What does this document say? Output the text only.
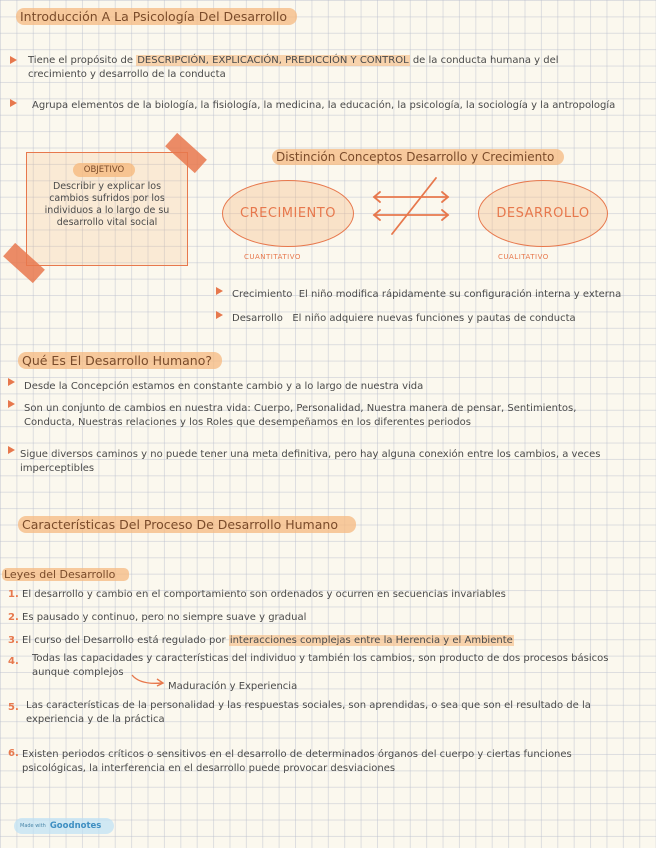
Introducción A La Psicología Del Desarrollo
Tiene el propósito de DESCRIPCIÓN, EXPLICACIÓN, PREDICCIÓN Y CONTROL de la conducta humana y del crecimiento y desarrollo de la conducta
Agrupa elementos de la biología, la fisiología, la medicina, la educación, la psicología, la sociología y la antropología
OBJETIVO
Describir y explicar los cambios sufridos por los individuos a lo largo de su desarrollo vital social
Distinción Conceptos Desarrollo y Crecimiento
CRECIMIENTO	DESARROLLO
CUANTITATIVO	CUALITATIVO
Crecimiento El niño modifica rápidamente su configuración interna y externa
Desarrollo El niño adquiere nuevas funciones y pautas de conducta
Qué Es El Desarrollo Humano?
Desde la Concepción estamos en constante cambio y a lo largo de nuestra vida
Son un conjunto de cambios en nuestra vida: Cuerpo, Personalidad, Nuestra manera de pensar, Sentimientos, Conducta, Nuestras relaciones y los Roles que desempeñamos en los diferentes periodos
Sigue diversos caminos y no puede tener una meta definitiva, pero hay alguna conexión entre los cambios, a veces imperceptibles
Características Del Proceso De Desarrollo Humano
Leyes del Desarrollo
1. El desarrollo y cambio en el comportamiento son ordenados y ocurren en secuencias invariables
2. Es pausado y continuo, pero no siempre suave y gradual
3. El curso del Desarrollo está regulado por interacciones complejas entre la Herencia y el Ambiente
4. Todas las capacidades y características del individuo y también los cambios, son producto de dos procesos básicos aunque complejos
Maduración y Experiencia
5. Las características de la personalidad y las respuestas sociales, son aprendidas, o sea que son el resultado de la experiencia y de la práctica
6. Existen periodos críticos o sensitivos en el desarrollo de determinados órganos del cuerpo y ciertas funciones psicológicas, la interferencia en el desarrollo puede provocar desviaciones
Made with Goodnotes
